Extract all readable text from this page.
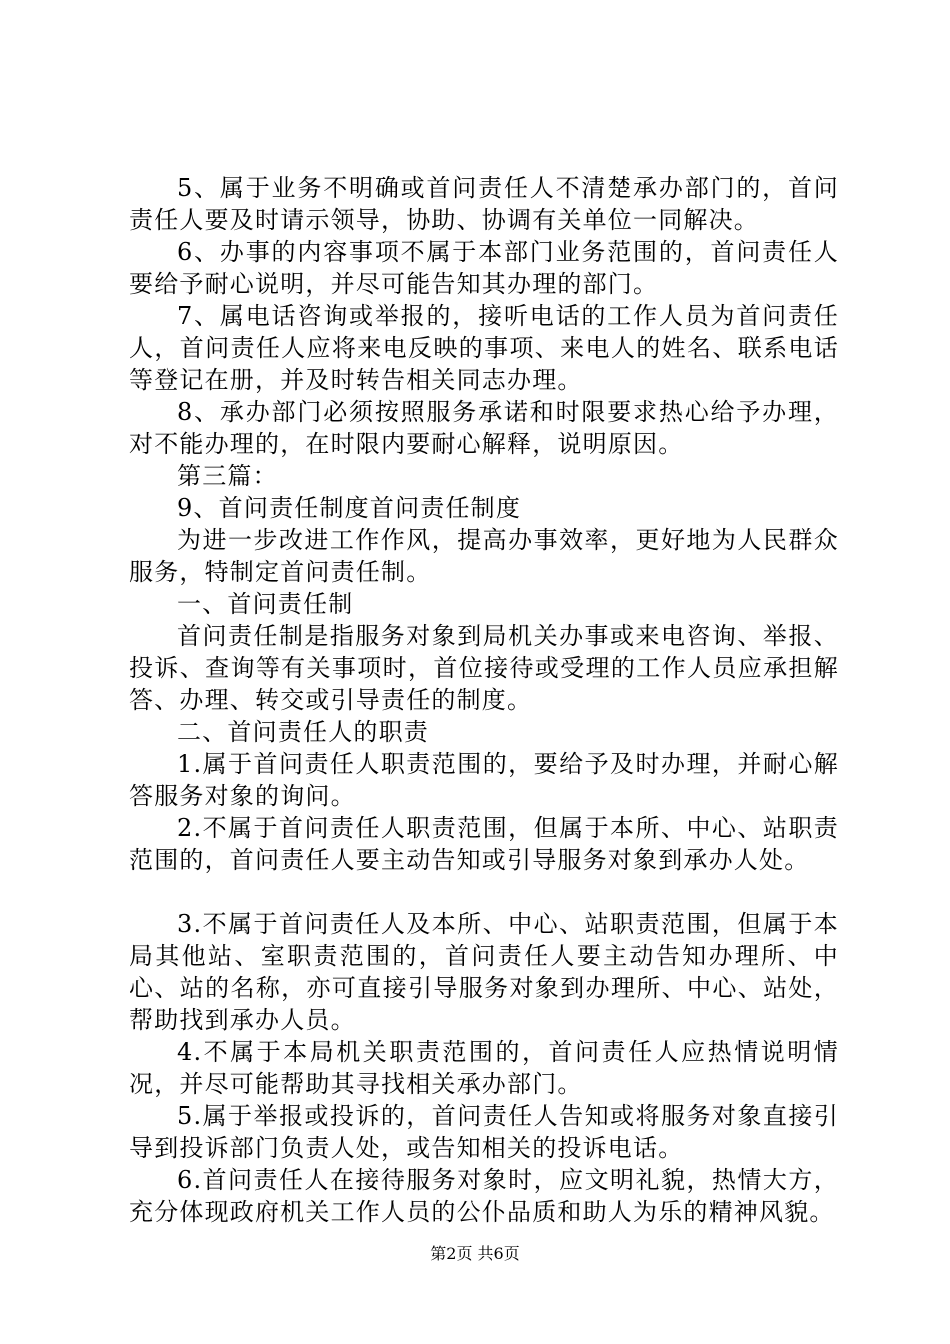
5、属于业务不明确或首问责任人不清楚承办部门的，首问责任人要及时请示领导，协助、协调有关单位一同解决。

6、办事的内容事项不属于本部门业务范围的，首问责任人要给予耐心说明，并尽可能告知其办理的部门。

7、属电话咨询或举报的，接听电话的工作人员为首问责任人，首问责任人应将来电反映的事项、来电人的姓名、联系电话等登记在册，并及时转告相关同志办理。

8、承办部门必须按照服务承诺和时限要求热心给予办理，对不能办理的，在时限内要耐心解释，说明原因。

第三篇：

9、首问责任制度首问责任制度

为进一步改进工作作风，提高办事效率，更好地为人民群众服务，特制定首问责任制。

一、首问责任制

首问责任制是指服务对象到局机关办事或来电咨询、举报、投诉、查询等有关事项时，首位接待或受理的工作人员应承担解答、办理、转交或引导责任的制度。

二、首问责任人的职责

1.属于首问责任人职责范围的，要给予及时办理，并耐心解答服务对象的询问。

2.不属于首问责任人职责范围，但属于本所、中心、站职责范围的，首问责任人要主动告知或引导服务对象到承办人处。

3.不属于首问责任人及本所、中心、站职责范围，但属于本局其他站、室职责范围的，首问责任人要主动告知办理所、中心、站的名称，亦可直接引导服务对象到办理所、中心、站处，帮助找到承办人员。

4.不属于本局机关职责范围的，首问责任人应热情说明情况，并尽可能帮助其寻找相关承办部门。

5.属于举报或投诉的，首问责任人告知或将服务对象直接引导到投诉部门负责人处，或告知相关的投诉电话。

6.首问责任人在接待服务对象时，应文明礼貌，热情大方，充分体现政府机关工作人员的公仆品质和助人为乐的精神风貌。

第2页 共6页
